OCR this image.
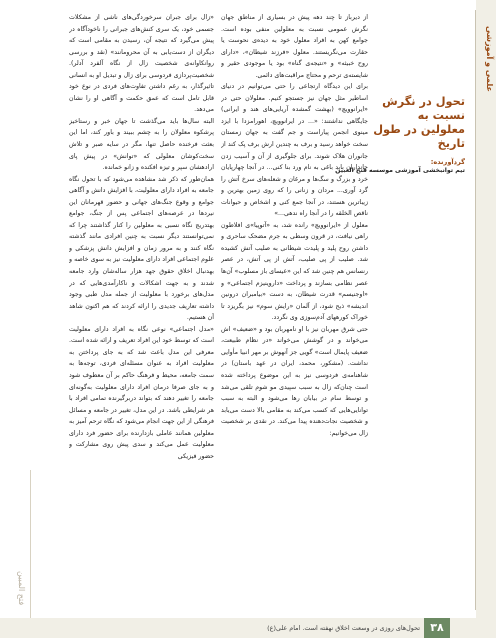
علمی و آموزشی
تحول در نگرش نسبت به معلولین در طول تاریخ
گردآورنده:
تیم توانبخشی آموزشی موسسه فتح العبین

از دیرباز تا چند دهه پیش در بسیاری از مناطق جهان نگرش عمومی نسبت به معلولین منفی بوده است. جوامع کهن به افراد معلول خود به دیده‌ی نحوست یا حقارت می‌نگریستند. معلول «فرزند شیطان»، «دارای روح خبیثه» و «نتیجه‌ی گناه» بود یا موجودی حقیر و شایسته‌ی ترحم و محتاج مراقبت‌های دائمی.

برای این دیدگاه ارتجاعی را حتی می‌توانیم در دنیای اساطیر مثل جهان نیز جستجو کنیم. معلولان حتی در «ایرانوویچ» (بهشت گمشده آریایی‌های هند و ایرانی) جایگاهی نداشتند: «... در ایرانوویچ، اهورامزدا با ایزد مینوی انجمن پیاراست و جم گفت به جهان زمستان سخت خواهد رسید و برف به چندین ارش برف پک کند از جانوران هلاک شوند. برای جلوگیری از آن و آسیب زدن جانداران باید باغی به نام ورد بنا کنی... در آنجا چهارپایان خرد و بزرگ و سگ‌ها و مرغان و شعله‌های سرخ آتش را گرد آوری... مردان و زنانی را که روی زمین بهترین و زیباترین هستند، در آنجا جمع کنی و اشخاص و حیوانات ناقص الخلقه را در آنجا راه ندهی...»

معلول از «ایرانوویچ» رانده شد، به «آتوپیا»ی افلاطون راهی نیافت، در قرون وسطی به جرم مضحک ساحری و داشتن روح پلید و پلیدت شیطانی به صلیب آتش کشیده شد. صلیب از پی صلیب، آتش از پی آتش، در عصر رنسانس هم چنین شد که این «عیسای باز مسلوب» آن‌ها عصر نظامی بسازند و پرداخت «داروینیزم اجتماعی» و «اوجنیسم» قدرت شیطان، به دست «بیامبران درونین اندیشه» ذبح شود، از آلمان «رایش سوم» نیز بگریزد تا خوراک کورههای آدم‌سوزی وی نگردد.

حتی شرق مهربان نیز با او نامهربان بود و «ضعیف» اش می‌خواند و در گوشش می‌خواند «در نظام طبیعت، ضعیف پایمال است» گویی جز آنهوش بر مهر انبیا مأوایی نداشت. (مشکور، محمد، ایران در عهد باستان) در شاهنامه‌ی فردوسی نیز به این موضوع پرداخته شده است چنان‌که زال به سبب سپیدی مو شوم تلقی می‌شد و توسط سام در بیابان رها می‌شود و البته به سبب توانایی‌هایی که کسب می‌کند به مقامی بالا دست می‌یابد و شخصیت نجات‌دهنده پیدا می‌کند. در نقدی بر شخصیت زال می‌خوانیم:

«زال برای جبران سرخوردگی‌های ناشی از مشکلات جسمی خود، یک سری کنش‌های جبرانی را ناخودآگاه در پیش می‌گیرد که نتیجه آن، رسیدن به مقامی است که دیگران از دست‌یابی به آن محرومانند» (نقد و بررسی روانکاوانه‌ی شخصیت زال از نگاه آلفرد آدلر). شخصیت‌پردازی فردوسی برای زال و تبدیل او به انسانی تاثیرگذار، به رغم داشتن تفاوت‌های فردی در نوع خود قابل تامل است که عمق حکمت و آگاهی او را نشان می‌دهد.

البته سال‌ها باید می‌گذشت تا جهان خبر و رستاخیز پرشکوه معلولان را به چشم ببیند و باور کند، اما این بعثت فرخنده حاصل تنها، مگر در سایه صبر و تلاش سخت‌کوشان معلولی که «توانش» در پیش پای ارادهشان سپر و تیزه افکنده و زانو خمانده.

همان‌طور که ذکر شد مشاهده می‌شود که با تحول نگاه جامعه به افراد دارای معلولیت، با افزایش دانش و آگاهی جوامع و وقوع جنگ‌های جهانی و حضور قهرمانان این نیردها در عرصه‌های اجتماعی پس از جنگ، جوامع بهتدریج نگاه نسبی به معلولین را کنار گذاشتند چرا که نمی‌توانستند دیگر نسبت به چنین افرادی مانند گذشته نگاه کنند و به مرور زمان و افزایش دانش پزشکی و علوم اجتماعی افراد دارای معلولیت نیز به سوی خاصه و بهدنبال اخلاق حقوق جهد هزار ساله‌شان وارد جامعه شدند و به جهت اشکالات و ناکارآمدی‌هایی که در مدل‌های برخورد با معلولیت از جمله مدل طبی وجود داشته تعاریف جدیدی را ارائه کردند که هم اکنون شاهد آن هستیم.

«مدل اجتماعی» نوعی نگاه به افراد دارای معلولیت است که توسط خود این افراد تعریف و ارائه شده است. معرفی این مدل باعث شد که به جای پرداختن به معلولیت افراد به عنوان مسئله‌ای فردی، توجه‌ها به سمت جامعه، محیط و فرهنگ حاکم بر آن معطوف شود و به جای صرفا درمان افراد دارای معلولیت به‌گونه‌ای جامعه را تغییر دهند که بتواند دربرگیرنده تمامی افراد با هر شرایطی باشد. در این مدل، تغییر در جامعه و مسائل فرهنگی از این جهت انجام می‌شود که نگاه ترحم آمیز به معلولین همانند عاملی بازدارنده برای حضور فرد دارای معلولیت عمل می‌کند و سدی پیش روی مشارکت و حضور فیزیکی

فتح المبین
تحول‌های روزی در وسعت اخلاق نهفته است. امام علی(ع) ۳۸
